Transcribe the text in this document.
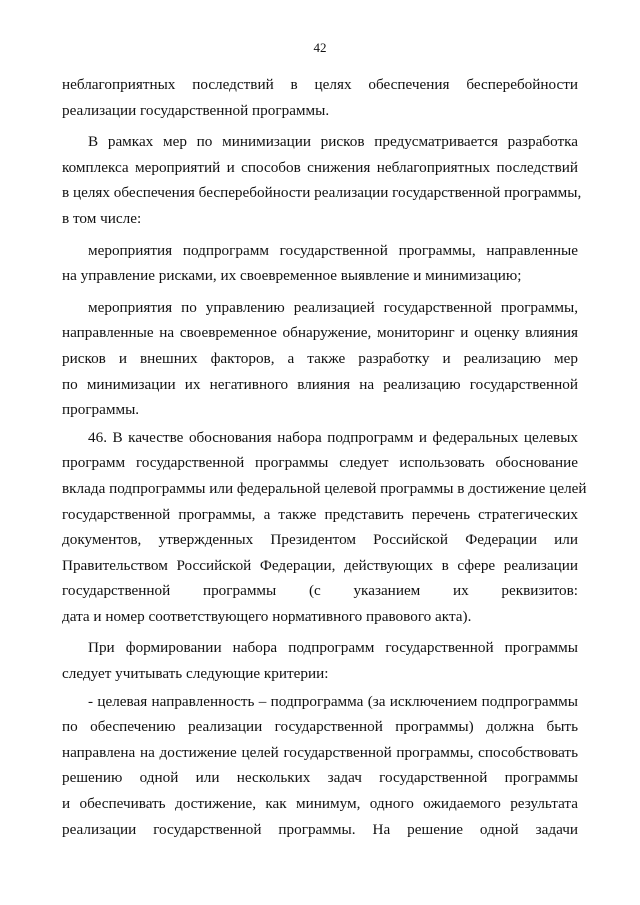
42
неблагоприятных последствий в целях обеспечения бесперебойности
реализации государственной программы.
В рамках мер по минимизации рисков предусматривается разработка
комплекса мероприятий и способов снижения неблагоприятных последствий
в целях обеспечения бесперебойности реализации государственной программы,
в том числе:
мероприятия подпрограмм государственной программы, направленные
на управление рисками, их своевременное выявление и минимизацию;
мероприятия по управлению реализацией государственной программы,
направленные на своевременное обнаружение, мониторинг и оценку влияния
рисков и внешних факторов, а также разработку и реализацию мер
по минимизации их негативного влияния на реализацию государственной
программы.
46. В качестве обоснования набора подпрограмм и федеральных целевых
программ государственной программы следует использовать обоснование
вклада подпрограммы или федеральной целевой программы в достижение целей
государственной программы, а также представить перечень стратегических
документов, утвержденных Президентом Российской Федерации или
Правительством Российской Федерации, действующих в сфере реализации
государственной программы (с указанием их реквизитов:
дата и номер соответствующего нормативного правового акта).
При формировании набора подпрограмм государственной программы
следует учитывать следующие критерии:
- целевая направленность – подпрограмма (за исключением подпрограммы
по обеспечению реализации государственной программы) должна быть
направлена на достижение целей государственной программы, способствовать
решению одной или нескольких задач государственной программы
и обеспечивать достижение, как минимум, одного ожидаемого результата
реализации государственной программы. На решение одной задачи
